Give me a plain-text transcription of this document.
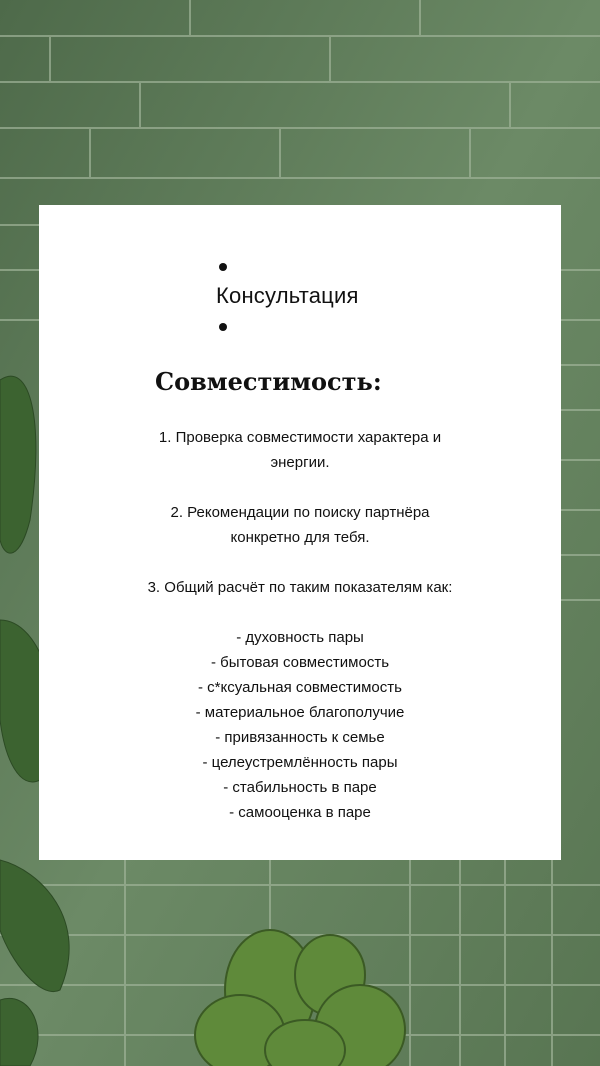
Консультация
Совместимость:
1. Проверка совместимости характера и
энергии.
2. Рекомендации по поиску партнёра
конкретно для тебя.
3. Общий расчёт по таким показателям как:
- духовность пары
- бытовая совместимость
- с*ксуальная совместимость
- материальное благополучие
- привязанность к семье
- целеустремлённость пары
- стабильность в паре
- самооценка в паре
